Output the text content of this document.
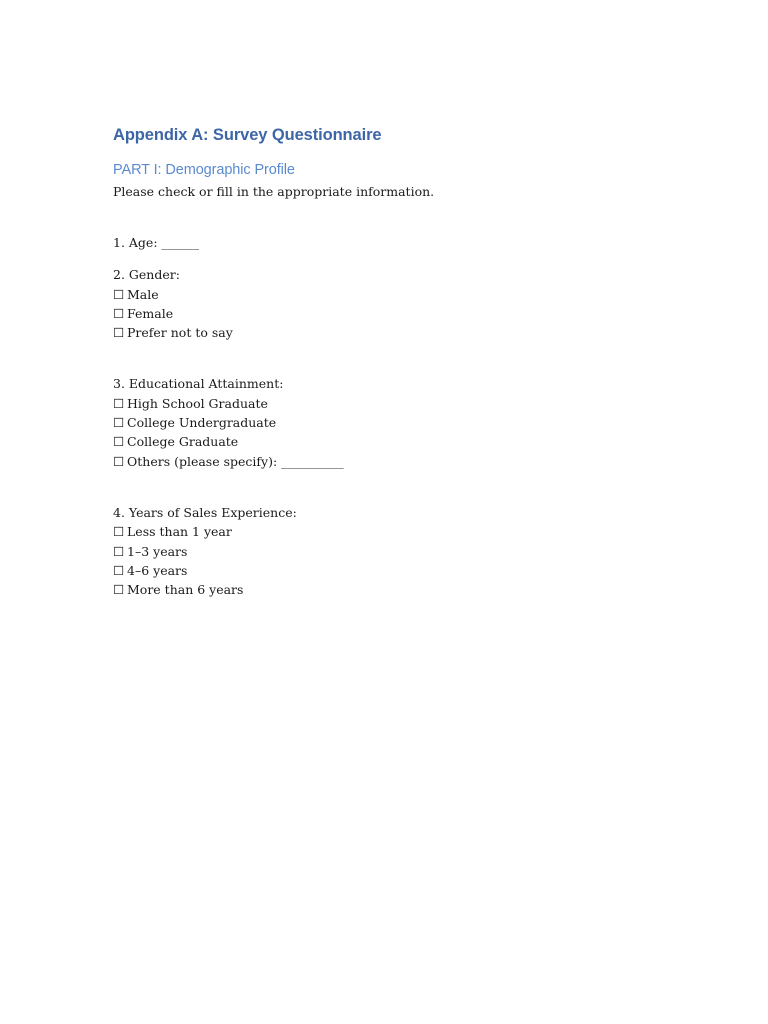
Appendix A: Survey Questionnaire
PART I: Demographic Profile

Please check or fill in the appropriate information.

1. Age: ______
2. Gender:
☐ Male
☐ Female
☐ Prefer not to say
3. Educational Attainment:
☐ High School Graduate
☐ College Undergraduate
☐ College Graduate
☐ Others (please specify): __________
4. Years of Sales Experience:
☐ Less than 1 year
☐ 1–3 years
☐ 4–6 years
☐ More than 6 years
